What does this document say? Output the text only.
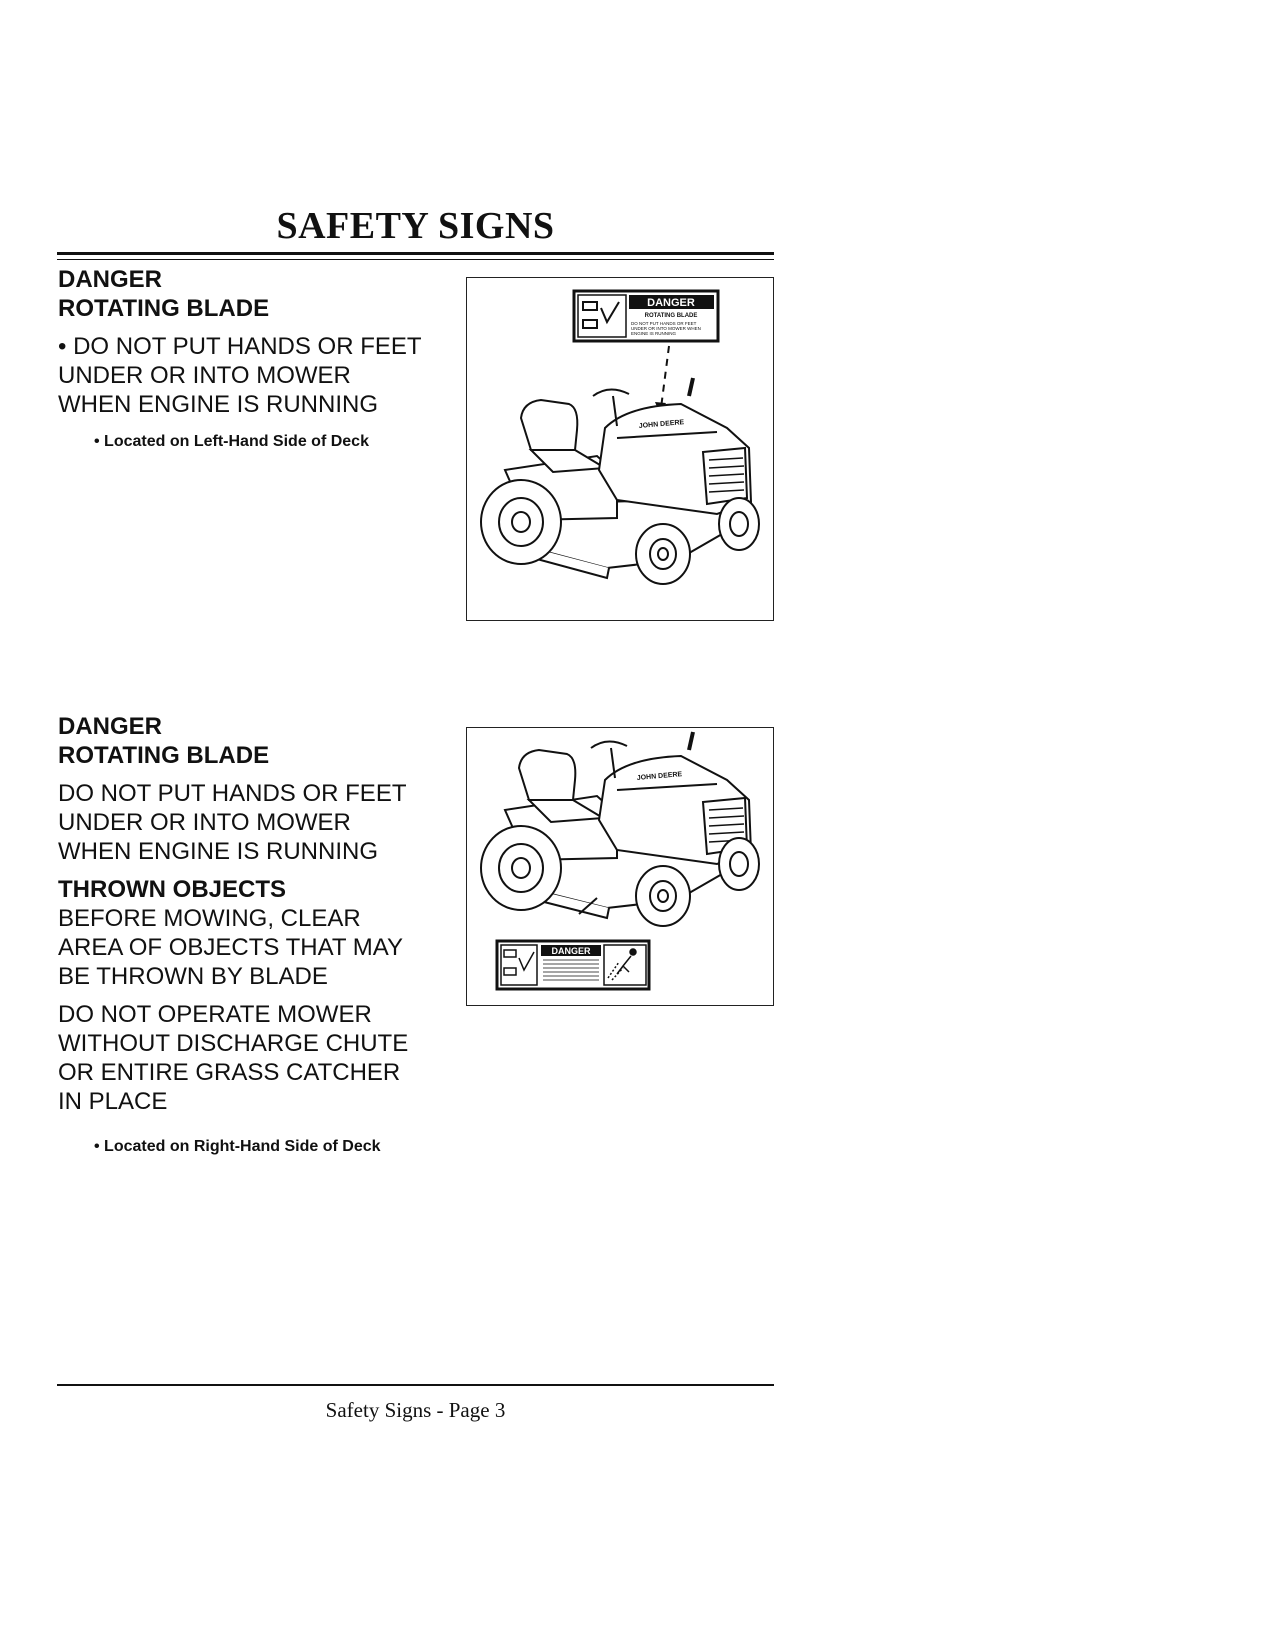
SAFETY SIGNS

DANGER

ROTATING BLADE

• DO NOT PUT HANDS OR FEET
UNDER OR INTO MOWER
WHEN ENGINE IS RUNNING

• Located on Left-Hand Side of Deck

DANGER
ROTATING BLADE
DO NOT PUT HANDS OR FEET
UNDER OR INTO MOWER WHEN
ENGINE IS RUNNING
JOHN DEERE

DANGER

ROTATING BLADE

DO NOT PUT HANDS OR FEET
UNDER OR INTO MOWER
WHEN ENGINE IS RUNNING

THROWN OBJECTS

BEFORE MOWING, CLEAR
AREA OF OBJECTS THAT MAY
BE THROWN BY BLADE

DO NOT OPERATE MOWER
WITHOUT DISCHARGE CHUTE
OR ENTIRE GRASS CATCHER
IN PLACE

• Located on Right-Hand Side of Deck

JOHN DEERE
DANGER
Safety Signs - Page 3
